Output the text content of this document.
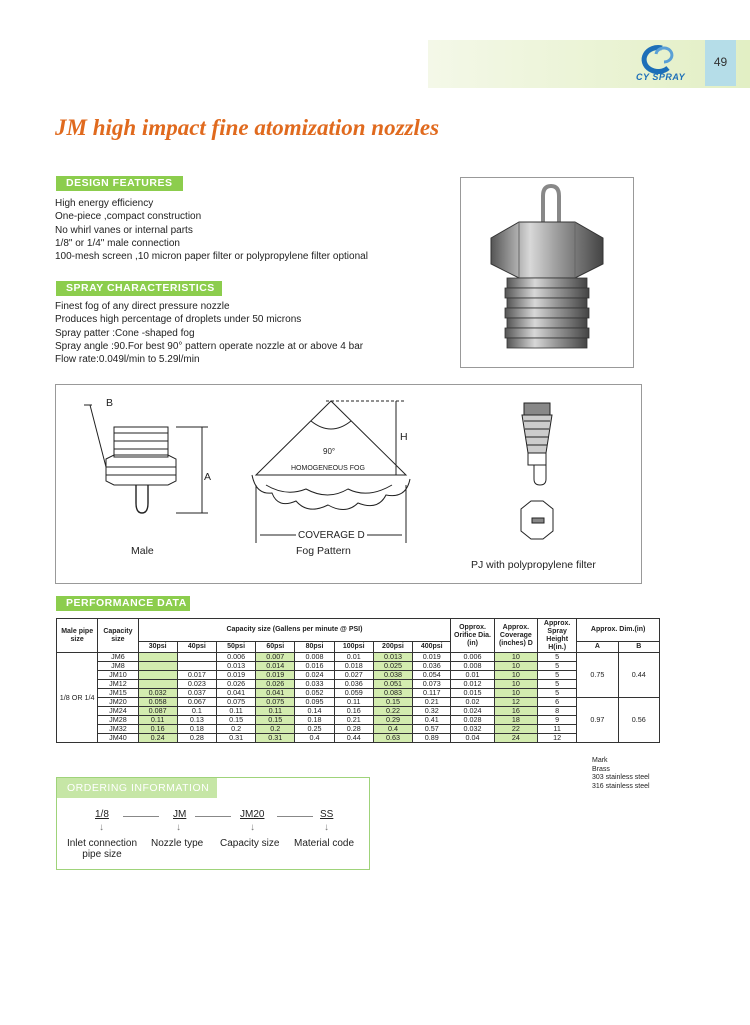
CY SPRAY
49
JM high impact fine atomization nozzles
DESIGN FEATURES
High energy efficiency
One-piece ,compact construction
No whirl vanes or internal parts
1/8" or 1/4" male connection
100-mesh screen ,10 micron paper filter or polypropylene filter optional
SPRAY CHARACTERISTICS
Finest fog of any direct pressure nozzle
Produces high percentage of droplets under 50 microns
Spray patter :Cone -shaped fog
Spray angle :90.For best 90° pattern operate nozzle at or above 4 bar
Flow rate:0.049l/min to 5.29l/min
B
A
H
90°
HOMOGENEOUS FOG
COVERAGE D
Male	Fog Pattern
PJ with polypropylene filter
PERFORMANCE DATA
Male pipe size	Capacity size	Capacity size (Gallens per minute @ PSI)								Opprox. Orifice Dia.(in)	Approx. Coverage (inches) D	Approx. Spray Height H(in.)	Approx. Dim.(in)	
		30psi	40psi	50psi	60psi	80psi	100psi	200psi	400psi				A	B
1/8 OR 1/4	JM6			0.006	0.007	0.008	0.01	0.013	0.019	0.006	10	5	0.75	0.44
	JM8			0.013	0.014	0.016	0.018	0.025	0.036	0.008	10	5		
	JM10		0.017	0.019	0.019	0.024	0.027	0.038	0.054	0.01	10	5		
	JM12		0.023	0.026	0.026	0.033	0.036	0.051	0.073	0.012	10	5		
	JM15	0.032	0.037	0.041	0.041	0.052	0.059	0.083	0.117	0.015	10	5		
	JM20	0.058	0.067	0.075	0.075	0.095	0.11	0.15	0.21	0.02	12	6	0.97	0.56
	JM24	0.087	0.1	0.11	0.11	0.14	0.16	0.22	0.32	0.024	16	8		
	JM28	0.11	0.13	0.15	0.15	0.18	0.21	0.29	0.41	0.028	18	9		
	JM32	0.16	0.18	0.2	0.2	0.25	0.28	0.4	0.57	0.032	22	11		
	JM40	0.24	0.28	0.31	0.31	0.4	0.44	0.63	0.89	0.04	24	12		
Mark
Brass
303 stainless steel
316 stainless steel
ORDERING INFORMATION
1/8	JM	JM20	SS
↓	↓	↓	↓
Inlet connection
pipe size
Nozzle type Capacity size Material code
